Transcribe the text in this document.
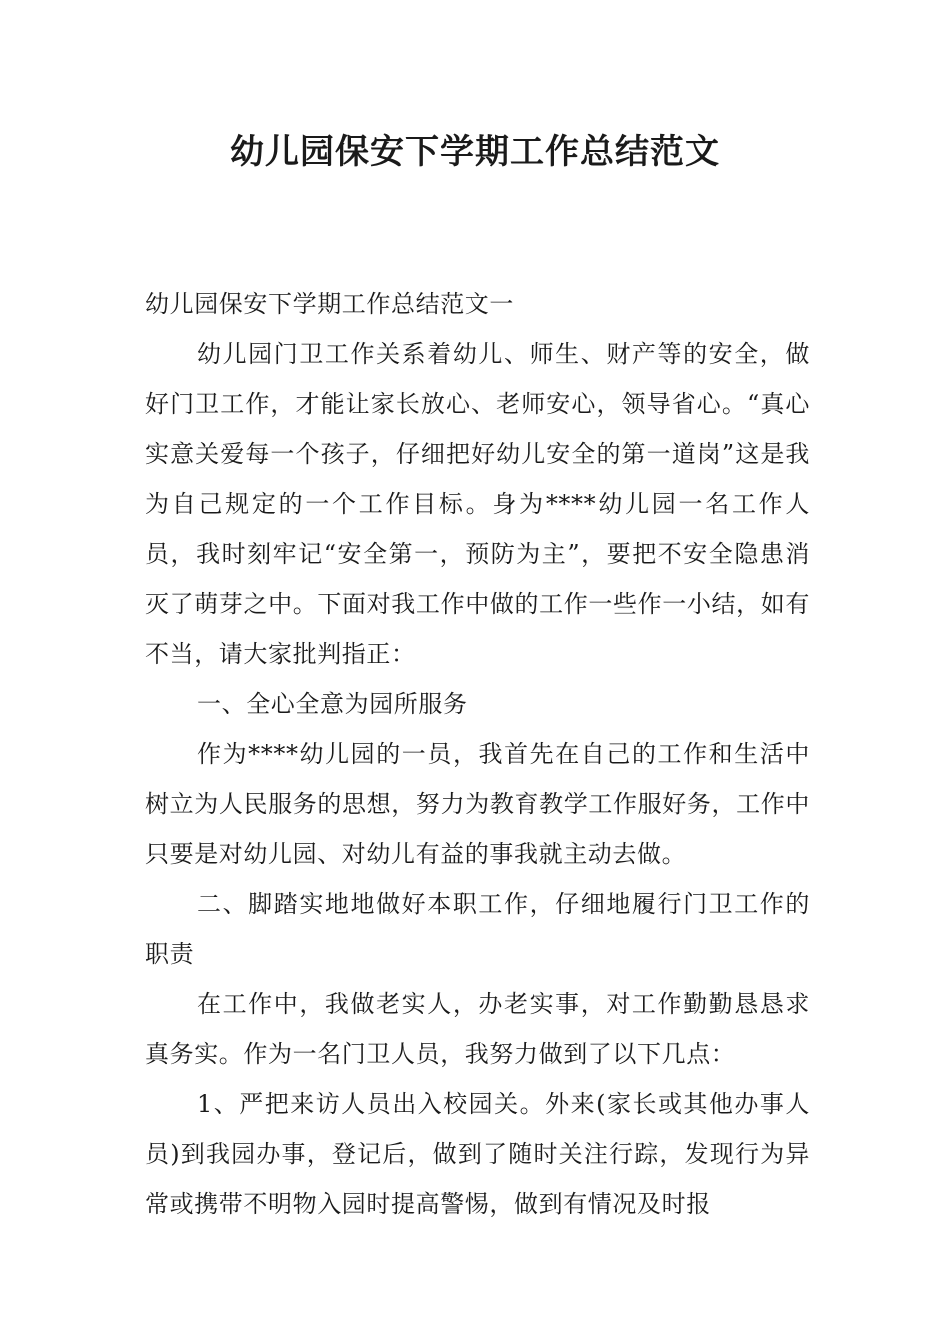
幼儿园保安下学期工作总结范文

幼儿园保安下学期工作总结范文一

幼儿园门卫工作关系着幼儿、师生、财产等的安全，做好门卫工作，才能让家长放心、老师安心，领导省心。“真心实意关爱每一个孩子，仔细把好幼儿安全的第一道岗”这是我为自己规定的一个工作目标。身为****幼儿园一名工作人员，我时刻牢记“安全第一，预防为主”，要把不安全隐患消灭了萌芽之中。下面对我工作中做的工作一些作一小结，如有不当，请大家批判指正：

一、全心全意为园所服务

作为****幼儿园的一员，我首先在自己的工作和生活中树立为人民服务的思想，努力为教育教学工作服好务，工作中只要是对幼儿园、对幼儿有益的事我就主动去做。

二、脚踏实地地做好本职工作，仔细地履行门卫工作的职责

在工作中，我做老实人，办老实事，对工作勤勤恳恳求真务实。作为一名门卫人员，我努力做到了以下几点：

1、严把来访人员出入校园关。外来(家长或其他办事人员)到我园办事，登记后，做到了随时关注行踪，发现行为异常或携带不明物入园时提高警惕，做到有情况及时报
